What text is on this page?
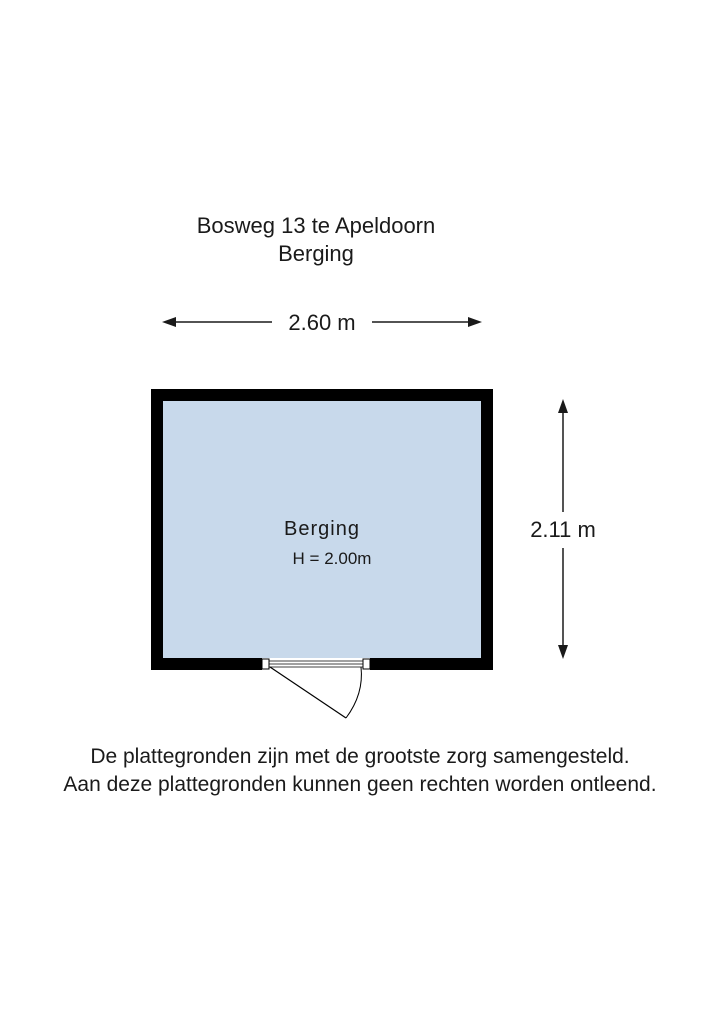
Bosweg 13 te Apeldoorn
Berging
2.60 m
2.11 m
Berging
H = 2.00m
De plattegronden zijn met de grootste zorg samengesteld.
Aan deze plattegronden kunnen geen rechten worden ontleend.
